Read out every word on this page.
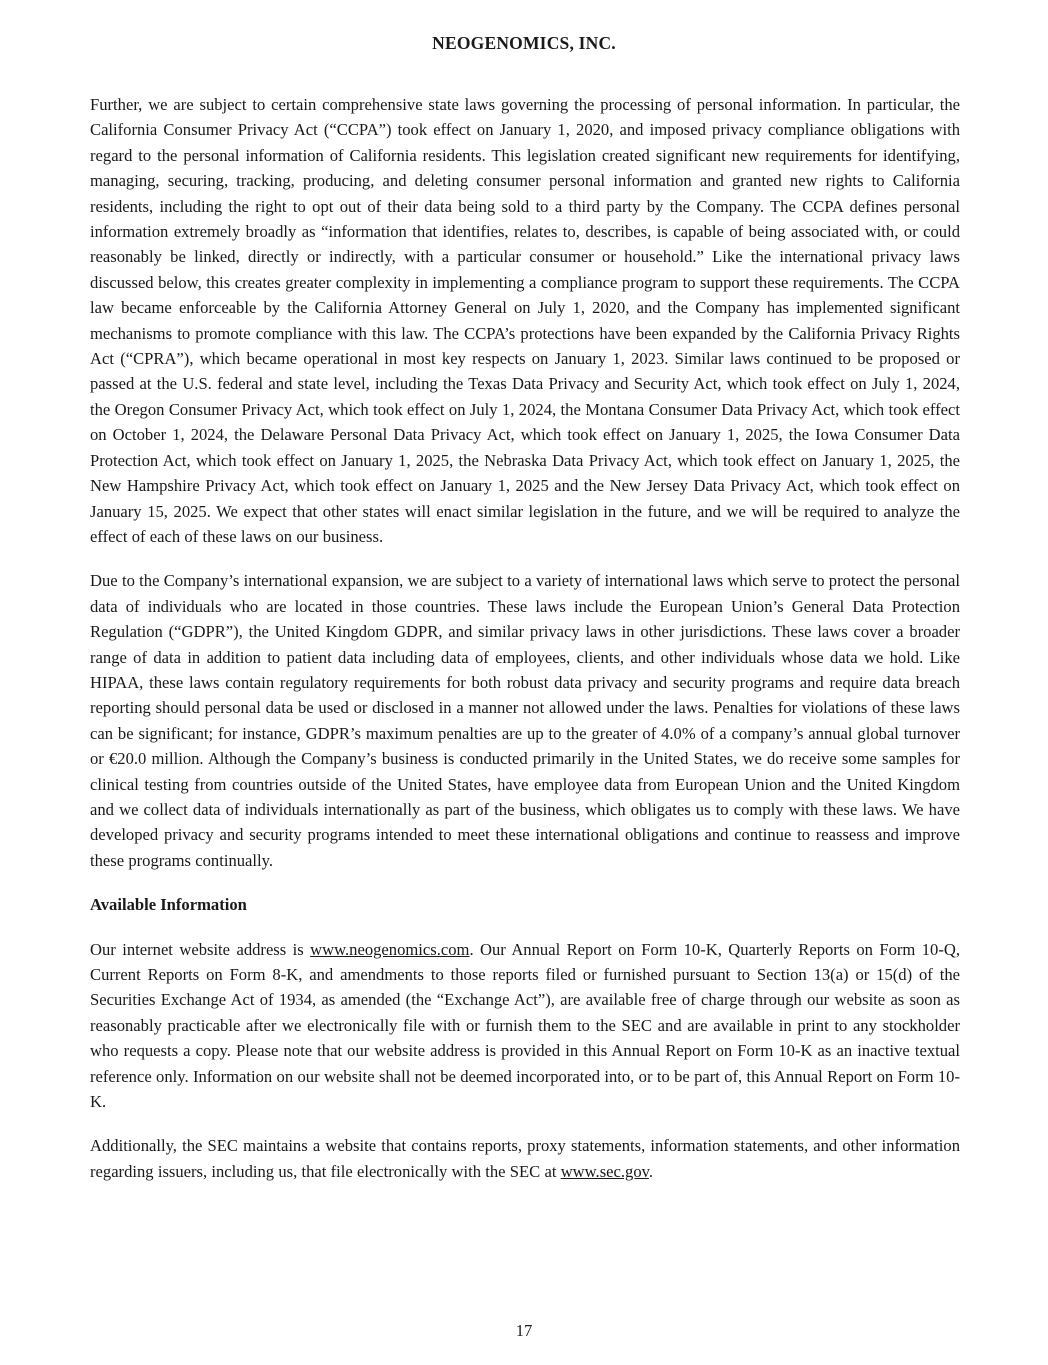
NEOGENOMICS, INC.

Further, we are subject to certain comprehensive state laws governing the processing of personal information. In particular, the California Consumer Privacy Act (“CCPA”) took effect on January 1, 2020, and imposed privacy compliance obligations with regard to the personal information of California residents. This legislation created significant new requirements for identifying, managing, securing, tracking, producing, and deleting consumer personal information and granted new rights to California residents, including the right to opt out of their data being sold to a third party by the Company. The CCPA defines personal information extremely broadly as “information that identifies, relates to, describes, is capable of being associated with, or could reasonably be linked, directly or indirectly, with a particular consumer or household.” Like the international privacy laws discussed below, this creates greater complexity in implementing a compliance program to support these requirements. The CCPA law became enforceable by the California Attorney General on July 1, 2020, and the Company has implemented significant mechanisms to promote compliance with this law. The CCPA’s protections have been expanded by the California Privacy Rights Act (“CPRA”), which became operational in most key respects on January 1, 2023. Similar laws continued to be proposed or passed at the U.S. federal and state level, including the Texas Data Privacy and Security Act, which took effect on July 1, 2024, the Oregon Consumer Privacy Act, which took effect on July 1, 2024, the Montana Consumer Data Privacy Act, which took effect on October 1, 2024, the Delaware Personal Data Privacy Act, which took effect on January 1, 2025, the Iowa Consumer Data Protection Act, which took effect on January 1, 2025, the Nebraska Data Privacy Act, which took effect on January 1, 2025, the New Hampshire Privacy Act, which took effect on January 1, 2025 and the New Jersey Data Privacy Act, which took effect on January 15, 2025. We expect that other states will enact similar legislation in the future, and we will be required to analyze the effect of each of these laws on our business.

Due to the Company’s international expansion, we are subject to a variety of international laws which serve to protect the personal data of individuals who are located in those countries. These laws include the European Union’s General Data Protection Regulation (“GDPR”), the United Kingdom GDPR, and similar privacy laws in other jurisdictions. These laws cover a broader range of data in addition to patient data including data of employees, clients, and other individuals whose data we hold. Like HIPAA, these laws contain regulatory requirements for both robust data privacy and security programs and require data breach reporting should personal data be used or disclosed in a manner not allowed under the laws. Penalties for violations of these laws can be significant; for instance, GDPR’s maximum penalties are up to the greater of 4.0% of a company’s annual global turnover or €20.0 million. Although the Company’s business is conducted primarily in the United States, we do receive some samples for clinical testing from countries outside of the United States, have employee data from European Union and the United Kingdom and we collect data of individuals internationally as part of the business, which obligates us to comply with these laws. We have developed privacy and security programs intended to meet these international obligations and continue to reassess and improve these programs continually.

Available Information

Our internet website address is www.neogenomics.com. Our Annual Report on Form 10-K, Quarterly Reports on Form 10-Q, Current Reports on Form 8-K, and amendments to those reports filed or furnished pursuant to Section 13(a) or 15(d) of the Securities Exchange Act of 1934, as amended (the “Exchange Act”), are available free of charge through our website as soon as reasonably practicable after we electronically file with or furnish them to the SEC and are available in print to any stockholder who requests a copy. Please note that our website address is provided in this Annual Report on Form 10-K as an inactive textual reference only. Information on our website shall not be deemed incorporated into, or to be part of, this Annual Report on Form 10-K.

Additionally, the SEC maintains a website that contains reports, proxy statements, information statements, and other information regarding issuers, including us, that file electronically with the SEC at www.sec.gov.

17
